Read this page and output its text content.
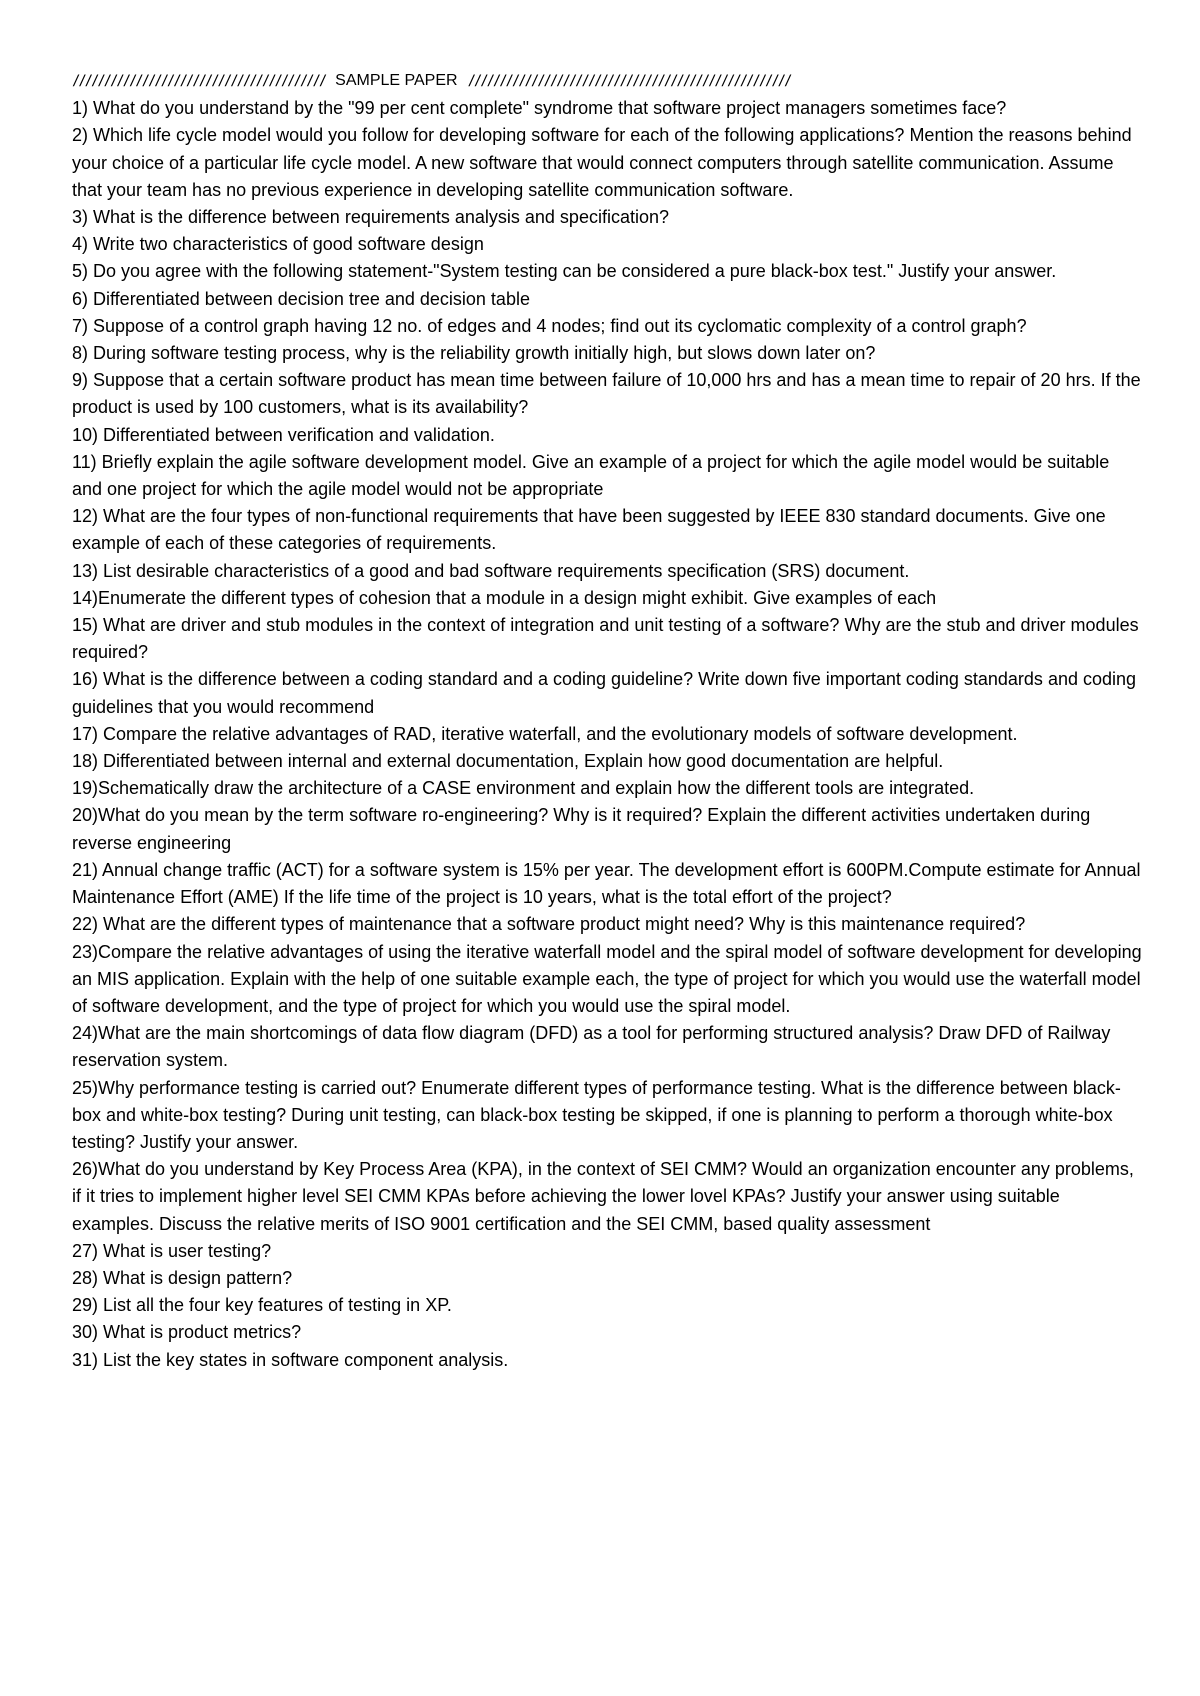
//////////////////////////////////////// SAMPLE PAPER ///////////////////////////////////////////////////

1) What do you understand by the "99 per cent complete" syndrome that software project managers sometimes face?

2) Which life cycle model would you follow for developing software for each of the following applications? Mention the reasons behind your choice of a particular life cycle model. A new software that would connect computers through satellite communication. Assume that your team has no previous experience in developing satellite communication software.

3) What is the difference between requirements analysis and specification?

4) Write two characteristics of good software design

5) Do you agree with the following statement-"System testing can be considered a pure black-box test." Justify your answer.

6) Differentiated between decision tree and decision table

7) Suppose of a control graph having 12 no. of edges and 4 nodes; find out its cyclomatic complexity of a control graph?

8) During software testing process, why is the reliability growth initially high, but slows down later on?

9) Suppose that a certain software product has mean time between failure of 10,000 hrs and has a mean time to repair of 20 hrs. If the product is used by 100 customers, what is its availability?

10) Differentiated between verification and validation.

11) Briefly explain the agile software development model. Give an example of a project for which the agile model would be suitable and one project for which the agile model would not be appropriate

12) What are the four types of non-functional requirements that have been suggested by IEEE 830 standard documents. Give one example of each of these categories of requirements.

13) List desirable characteristics of a good and bad software requirements specification (SRS) document.

14)Enumerate the different types of cohesion that a module in a design might exhibit. Give examples of each

15) What are driver and stub modules in the context of integration and unit testing of a software? Why are the stub and driver modules required?

16) What is the difference between a coding standard and a coding guideline? Write down five important coding standards and coding guidelines that you would recommend

17) Compare the relative advantages of RAD, iterative waterfall, and the evolutionary models of software development.

18) Differentiated between internal and external documentation, Explain how good documentation are helpful.

19)Schematically draw the architecture of a CASE environment and explain how the different tools are integrated.

20)What do you mean by the term software ro-engineering? Why is it required? Explain the different activities undertaken during reverse engineering

21) Annual change traffic (ACT) for a software system is 15% per year. The development effort is 600PM.Compute estimate for Annual Maintenance Effort (AME) If the life time of the project is 10 years, what is the total effort of the project?

22) What are the different types of maintenance that a software product might need? Why is this maintenance required?

23)Compare the relative advantages of using the iterative waterfall model and the spiral model of software development for developing an MIS application. Explain with the help of one suitable example each, the type of project for which you would use the waterfall model of software development, and the type of project for which you would use the spiral model.

24)What are the main shortcomings of data flow diagram (DFD) as a tool for performing structured analysis? Draw DFD of Railway reservation system.

25)Why performance testing is carried out? Enumerate different types of performance testing. What is the difference between black-box and white-box testing? During unit testing, can black-box testing be skipped, if one is planning to perform a thorough white-box testing? Justify your answer.

26)What do you understand by Key Process Area (KPA), in the context of SEI CMM? Would an organization encounter any problems, if it tries to implement higher level SEI CMM KPAs before achieving the lower lovel KPAs? Justify your answer using suitable examples. Discuss the relative merits of ISO 9001 certification and the SEI CMM, based quality assessment

27) What is user testing?

28) What is design pattern?

29) List all the four key features of testing in XP.

30) What is product metrics?

31) List the key states in software component analysis.
